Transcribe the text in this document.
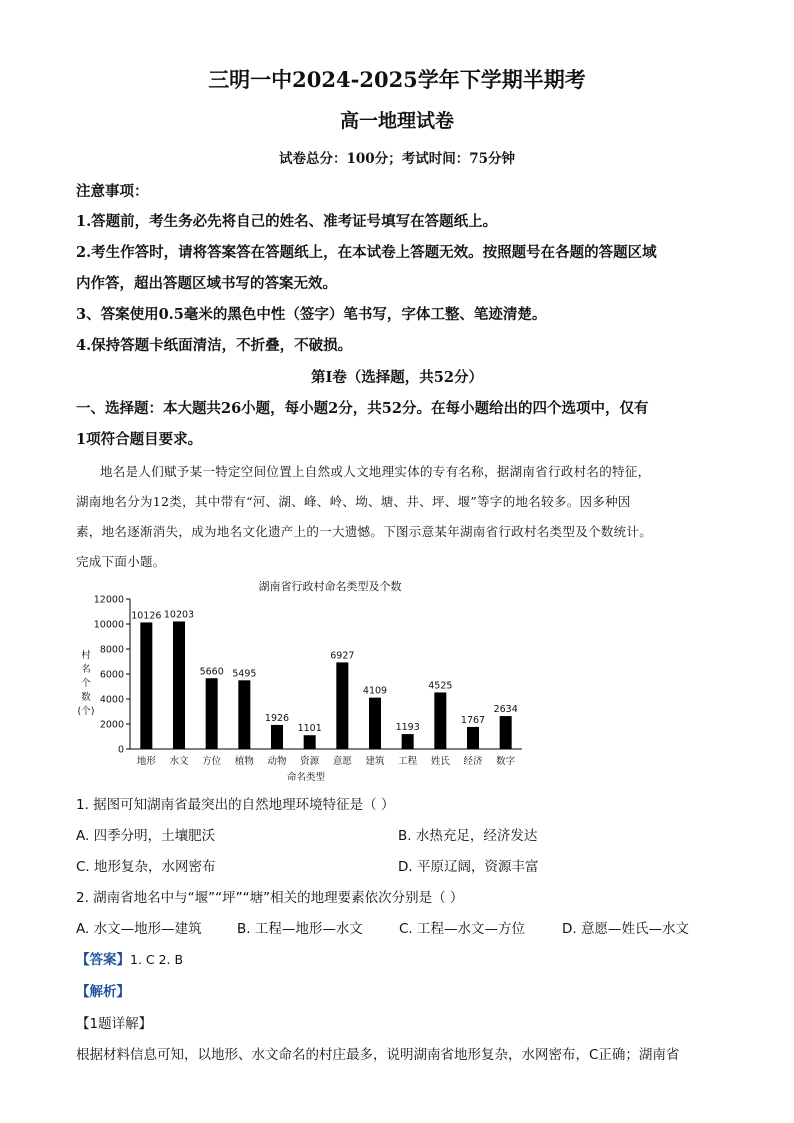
三明一中2024-2025学年下学期半期考
高一地理试卷
试卷总分：100分；考试时间：75分钟
注意事项：
1.答题前，考生务必先将自己的姓名、准考证号填写在答题纸上。
2.考生作答时，请将答案答在答题纸上，在本试卷上答题无效。按照题号在各题的答题区域
内作答，超出答题区域书写的答案无效。
3、答案使用0.5毫米的黑色中性（签字）笔书写，字体工整、笔迹清楚。
4.保持答题卡纸面清洁，不折叠，不破损。
第Ⅰ卷（选择题，共52分）
一、选择题：本大题共26小题，每小题2分，共52分。在每小题给出的四个选项中，仅有
1项符合题目要求。
地名是人们赋予某一特定空间位置上自然或人文地理实体的专有名称，据湖南省行政村名的特征，
湖南地名分为12类，其中带有“河、湖、峰、岭、坳、塘、井、坪、堰”等字的地名较多。因多种因
素，地名逐渐消失，成为地名文化遗产上的一大遗憾。下图示意某年湖南省行政村名类型及个数统计。
完成下面小题。
湖南省行政村命名类型及个数
0
2000
4000
6000
8000
10000
12000
10126
地形
10203
水文
5660
方位
5495
植物
1926
动物
1101
资源
6927
意愿
4109
建筑
1193
工程
4525
姓氏
1767
经济
2634
数字
命名类型
村
名
个
数
(个)
1. 据图可知湖南省最突出的自然地理环境特征是（ ）
A. 四季分明，土壤肥沃	B. 水热充足，经济发达
C. 地形复杂，水网密布	D. 平原辽阔，资源丰富
2. 湖南省地名中与“堰”“坪”“塘”相关的地理要素依次分别是（ ）
A. 水文—地形—建筑	B. 工程—地形—水文	C. 工程—水文—方位	D. 意愿—姓氏—水文
【答案】1. C 2. B
【解析】
【1题详解】
根据材料信息可知，以地形、水文命名的村庄最多，说明湖南省地形复杂，水网密布，C正确；湖南省
